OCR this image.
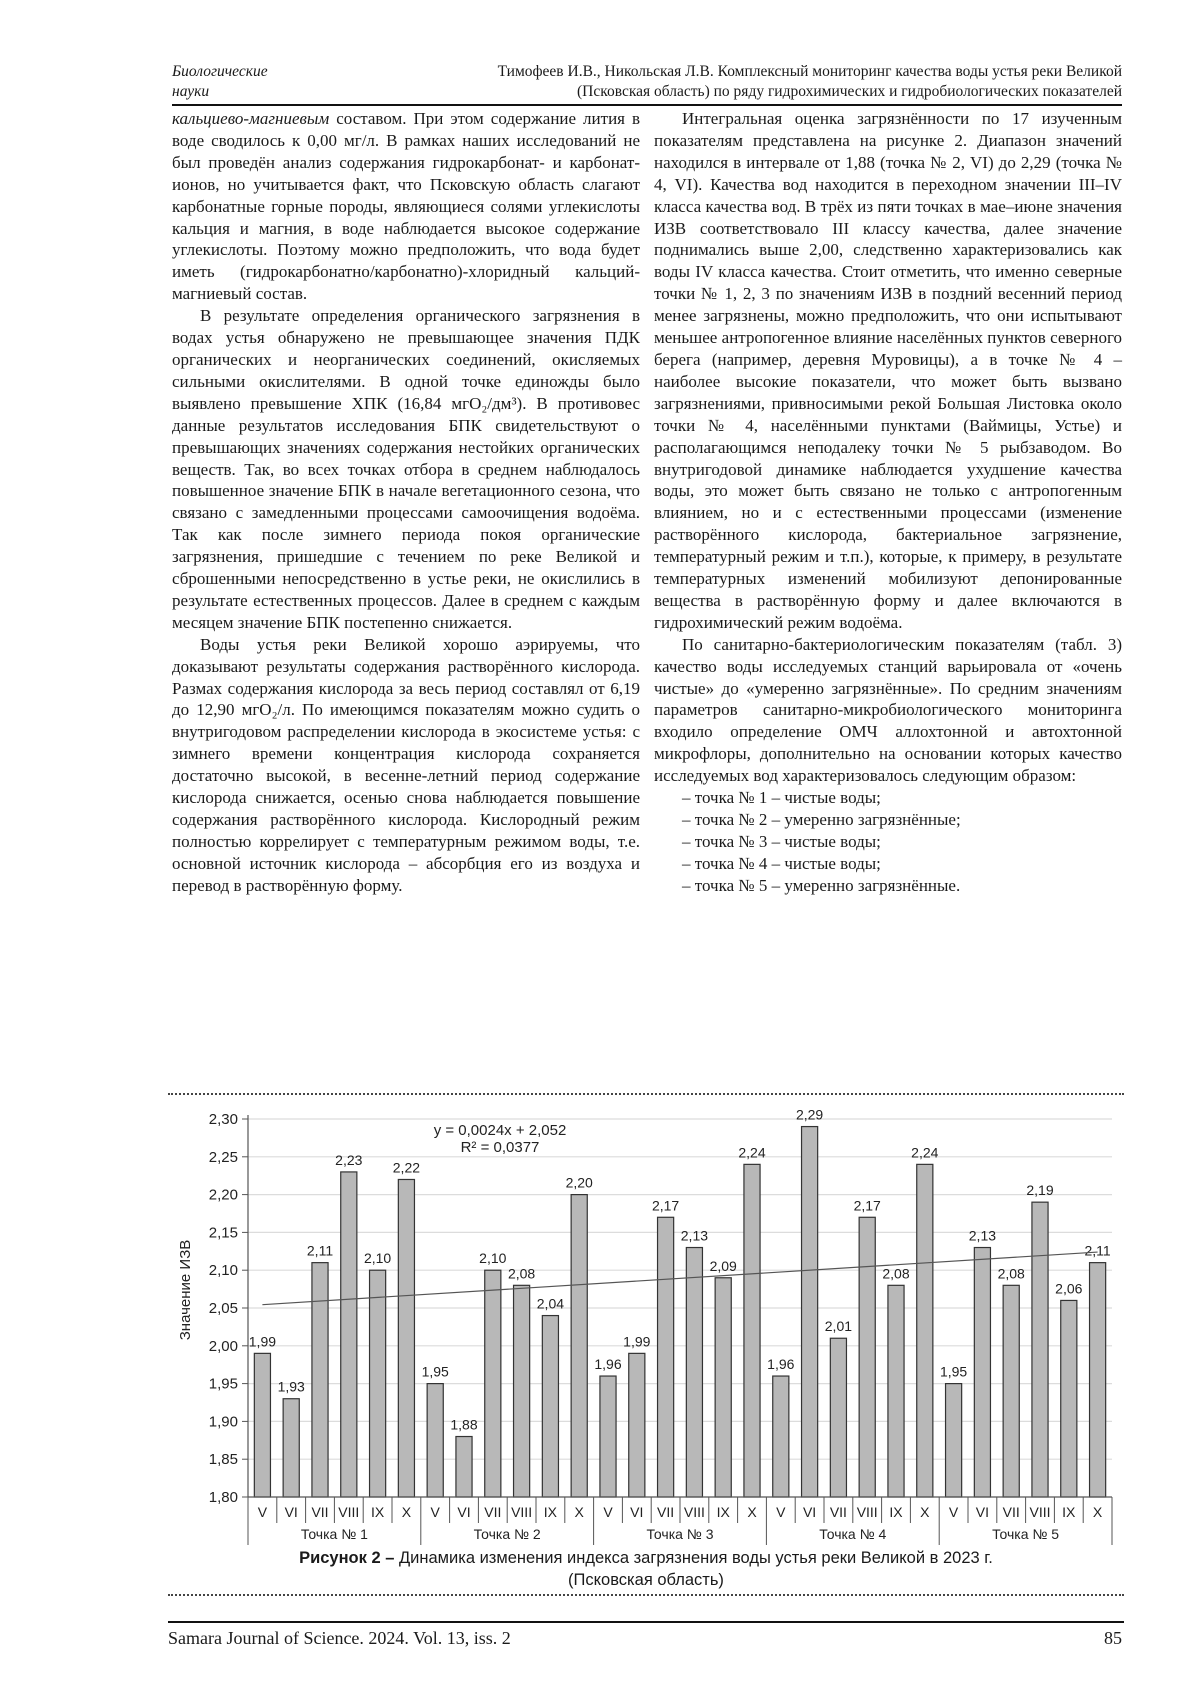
Биологические
науки
Тимофеев И.В., Никольская Л.В. Комплексный мониторинг качества воды устья реки Великой
(Псковская область) по ряду гидрохимических и гидробиологических показателей

кальциево-магниевым составом. При этом содержание лития в воде сводилось к 0,00 мг/л. В рамках наших исследований не был проведён анализ содержания гидрокарбонат- и карбонат-ионов, но учитывается факт, что Псковскую область слагают карбонатные горные породы, являющиеся солями углекислоты кальция и магния, в воде наблюдается высокое содержание углекислоты. Поэтому можно предположить, что вода будет иметь (гидрокарбонатно/карбонатно)-хлоридный кальций-магниевый состав.

В результате определения органического загрязнения в водах устья обнаружено не превышающее значения ПДК органических и неорганических соединений, окисляемых сильными окислителями. В одной точке единожды было выявлено превышение ХПК (16,84 мгО₂/дм³). В противовес данные результатов исследования БПК свидетельствуют о превышающих значениях содержания нестойких органических веществ. Так, во всех точках отбора в среднем наблюдалось повышенное значение БПК в начале вегетационного сезона, что связано с замедленными процессами самоочищения водоёма. Так как после зимнего периода покоя органические загрязнения, пришедшие с течением по реке Великой и сброшенными непосредственно в устье реки, не окислились в результате естественных процессов. Далее в среднем с каждым месяцем значение БПК постепенно снижается.

Воды устья реки Великой хорошо аэрируемы, что доказывают результаты содержания растворённого кислорода. Размах содержания кислорода за весь период составлял от 6,19 до 12,90 мгО₂/л. По имеющимся показателям можно судить о внутригодовом распределении кислорода в экосистеме устья: с зимнего времени концентрация кислорода сохраняется достаточно высокой, в весенне-летний период содержание кислорода снижается, осенью снова наблюдается повышение содержания растворённого кислорода. Кислородный режим полностью коррелирует с температурным режимом воды, т.е. основной источник кислорода – абсорбция его из воздуха и перевод в растворённую форму.

Интегральная оценка загрязнённости по 17 изученным показателям представлена на рисунке 2. Диапазон значений находился в интервале от 1,88 (точка № 2, VI) до 2,29 (точка № 4, VI). Качества вод находится в переходном значении III–IV класса качества вод. В трёх из пяти точках в мае–июне значения ИЗВ соответствовало III классу качества, далее значение поднимались выше 2,00, следственно характеризовались как воды IV класса качества. Стоит отметить, что именно северные точки № 1, 2, 3 по значениям ИЗВ в поздний весенний период менее загрязнены, можно предположить, что они испытывают меньшее антропогенное влияние населённых пунктов северного берега (например, деревня Муровицы), а в точке № 4 – наиболее высокие показатели, что может быть вызвано загрязнениями, привносимыми рекой Большая Листовка около точки № 4, населёнными пунктами (Ваймицы, Устье) и располагающимся неподалеку точки № 5 рыбзаводом. Во внутригодовой динамике наблюдается ухудшение качества воды, это может быть связано не только с антропогенным влиянием, но и с естественными процессами (изменение растворённого кислорода, бактериальное загрязнение, температурный режим и т.п.), которые, к примеру, в результате температурных изменений мобилизуют депонированные вещества в растворённую форму и далее включаются в гидрохимический режим водоёма.

По санитарно-бактериологическим показателям (табл. 3) качество воды исследуемых станций варьировала от «очень чистые» до «умеренно загрязнённые». По средним значениям параметров санитарно-микробиологического мониторинга входило определение ОМЧ аллохтонной и автохтонной микрофлоры, дополнительно на основании которых качество исследуемых вод характеризовалось следующим образом:

– точка № 1 – чистые воды;
– точка № 2 – умеренно загрязнённые;
– точка № 3 – чистые воды;
– точка № 4 – чистые воды;
– точка № 5 – умеренно загрязнённые.
1,80
1,85
1,90
1,95
2,00
2,05
2,10
2,15
2,20
2,25
2,30
1,99
1,93
2,11
2,23
2,10
2,22
1,95
1,88
2,10
2,08
2,04
2,20
1,96
1,99
2,17
2,13
2,09
2,24
1,96
2,29
2,01
2,17
2,08
2,24
1,95
2,13
2,08
2,19
2,06
2,11
V VI VII VIII IX X
Точка № 1
V VI VII VIII IX X
Точка № 2
V VI VII VIII IX X
Точка № 3
V VI VII VIII IX X
Точка № 4
V VI VII VIII IX X
Точка № 5
y = 0,0024x + 2,052
R² = 0,0377
Значение ИЗВ
Рисунок 2 – Динамика изменения индекса загрязнения воды устья реки Великой в 2023 г.
(Псковская область)
Samara Journal of Science. 2024. Vol. 13, iss. 2	85
